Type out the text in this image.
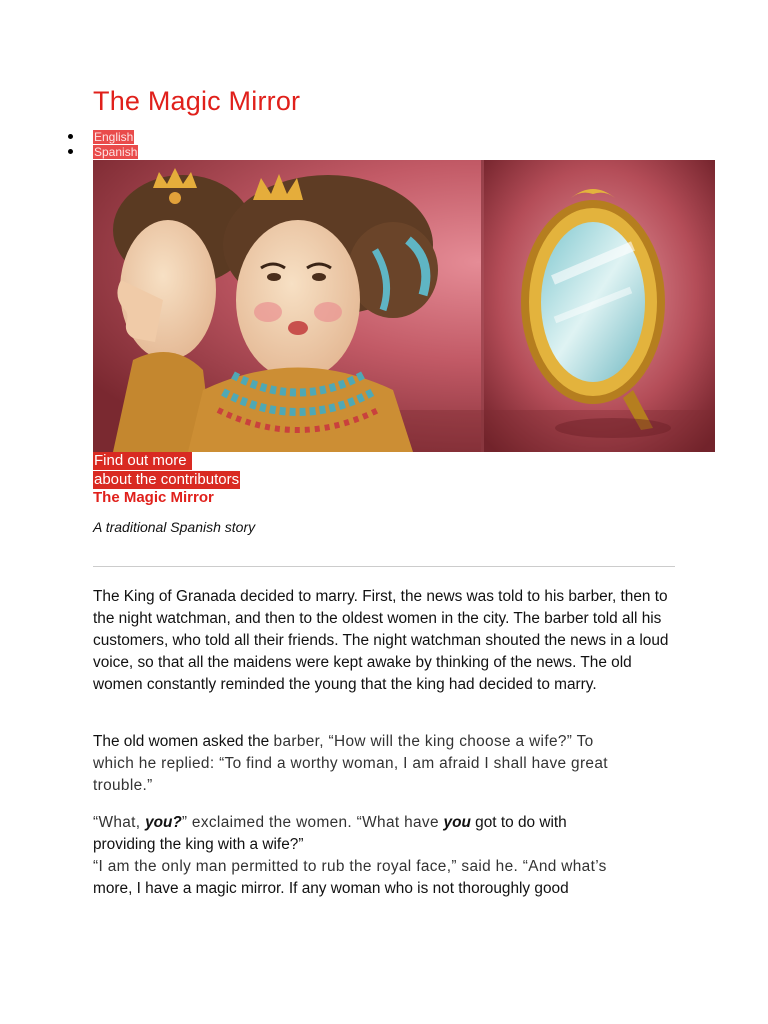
The Magic Mirror
English
Spanish
Find out more
about the contributors
The Magic Mirror

A traditional Spanish story

The King of Granada decided to marry. First, the news was told to his barber, then to the night watchman, and then to the oldest women in the city. The barber told all his customers, who told all their friends. The night watchman shouted the news in a loud voice, so that all the maidens were kept awake by thinking of the news. The old women constantly reminded the young that the king had decided to marry.

The old women asked the barber, “How will the king choose a wife?” To
which he replied: “To find a worthy woman, I am afraid I shall have great
trouble.”
“What, you?” exclaimed the women. “What have you got to do with
providing the king with a wife?”
“I am the only man permitted to rub the royal face,” said he. “And what’s
more, I have a magic mirror. If any woman who is not thoroughly good
